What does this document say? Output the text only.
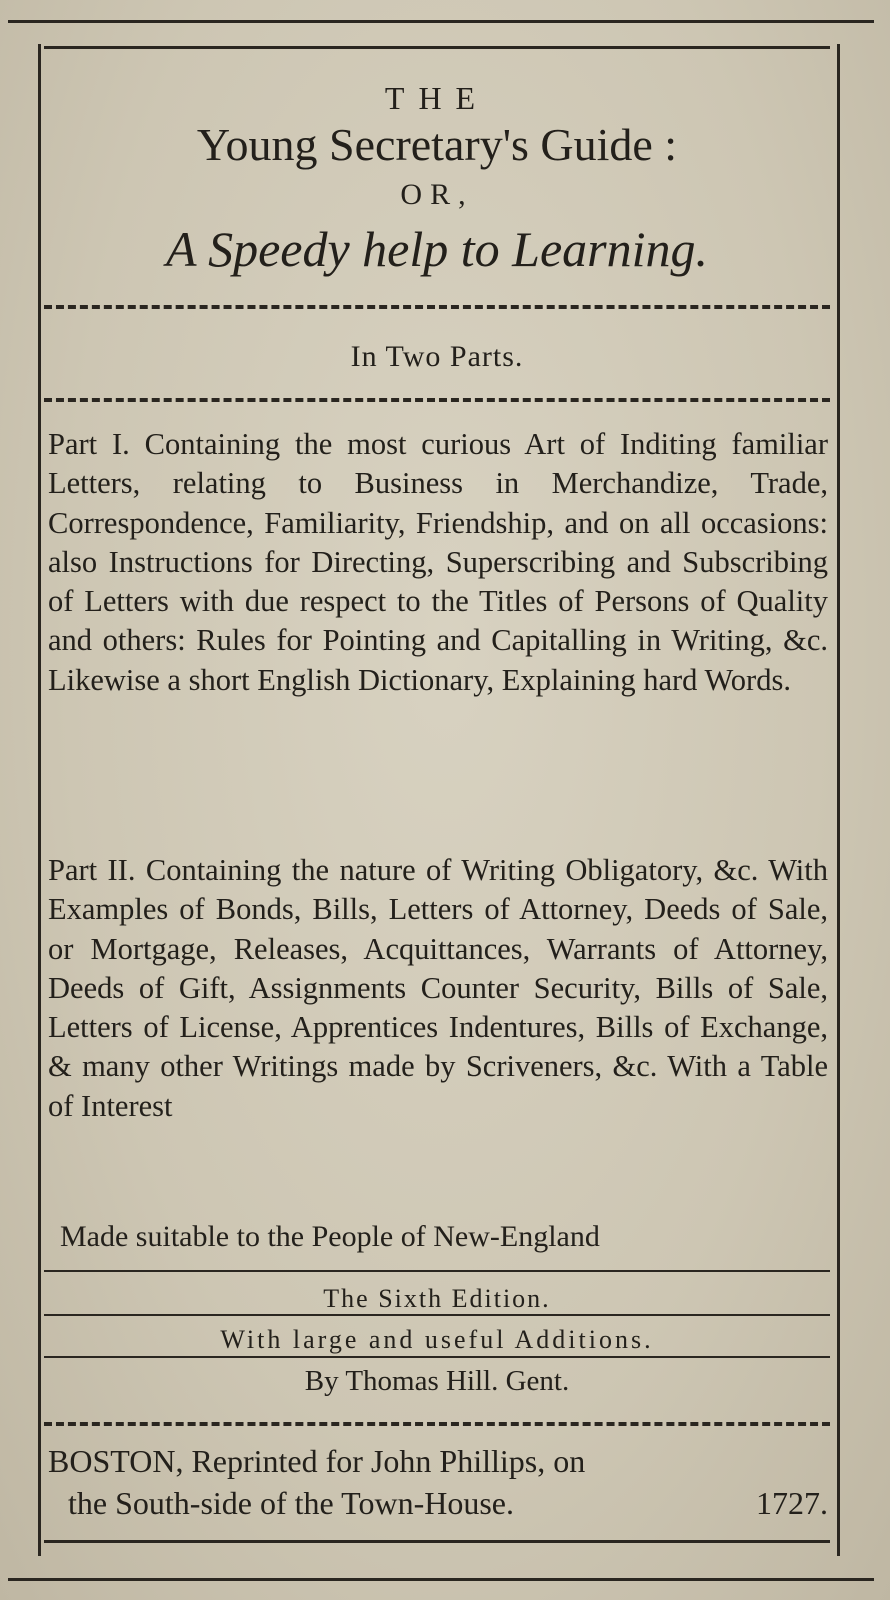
THE
Young Secretary's Guide :
OR,
A Speedy help to Learning.
In Two Parts.
Part I. Containing the most curious Art of Inditing familiar Letters, relating to Business in Merchandize, Trade, Correspondence, Familiarity, Friendship, and on all occasions: also Instructions for Directing, Superscribing and Subscribing of Letters with due respect to the Titles of Persons of Quality and others: Rules for Pointing and Capitalling in Writing, &c. Likewise a short English Dictionary, Explaining hard Words.
Part II. Containing the nature of Writing Obligatory, &c. With Examples of Bonds, Bills, Letters of Attorney, Deeds of Sale, or Mortgage, Releases, Acquittances, Warrants of Attorney, Deeds of Gift, Assignments Counter Security, Bills of Sale, Letters of License, Apprentices Indentures, Bills of Exchange, & many other Writings made by Scriveners, &c. With a Table of Interest
Made suitable to the People of New-England
The Sixth Edition.
With large and useful Additions.
By Thomas Hill. Gent.
BOSTON, Reprinted for John Phillips, on
the South-side of the Town-House.	1727.
